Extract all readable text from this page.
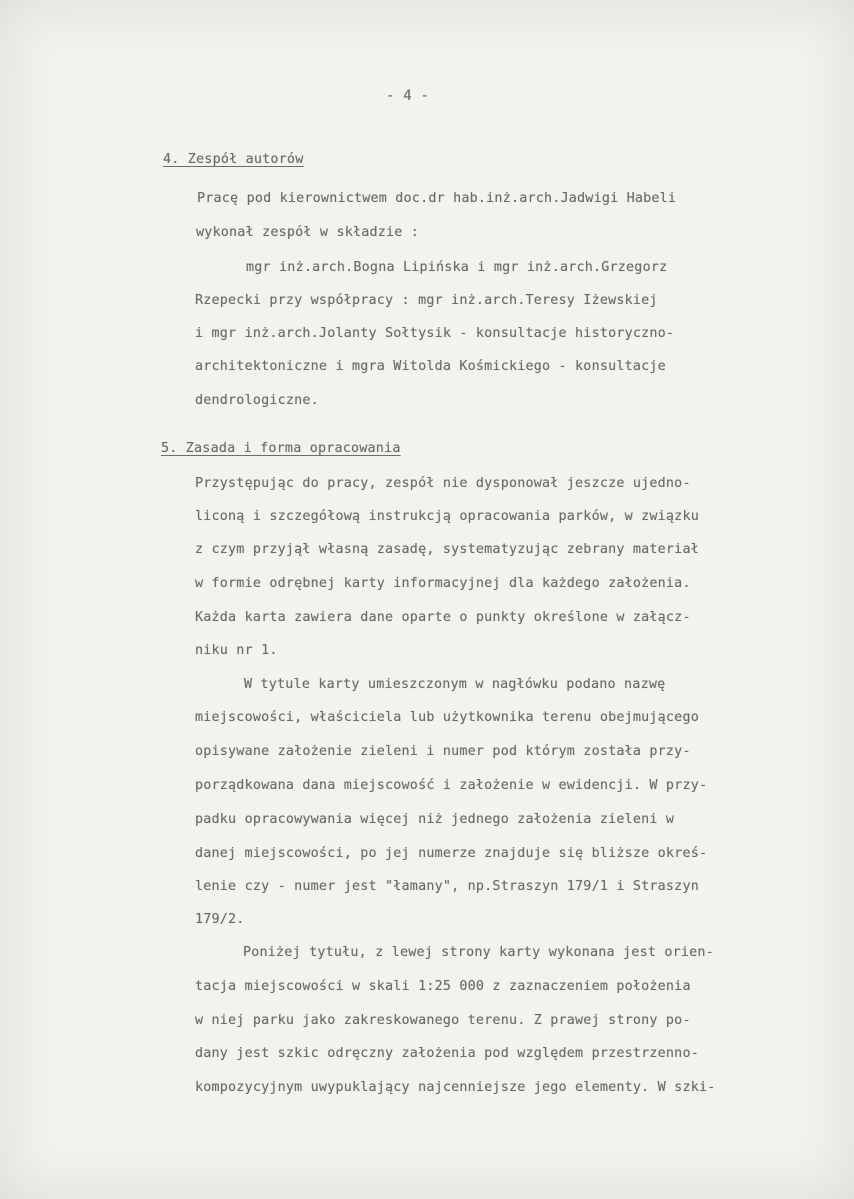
- 4 -
4. Zespół autorów
Pracę pod kierownictwem doc.dr hab.inż.arch.Jadwigi Habeli
wykonał zespół w składzie :
mgr inż.arch.Bogna Lipińska i mgr inż.arch.Grzegorz
Rzepecki przy współpracy : mgr inż.arch.Teresy Iżewskiej
i mgr inż.arch.Jolanty Sołtysik - konsultacje historyczno-
architektoniczne i mgra Witolda Kośmickiego - konsultacje
dendrologiczne.
5. Zasada i forma opracowania
Przystępując do pracy, zespół nie dysponował jeszcze ujedno-
liconą i szczegółową instrukcją opracowania parków, w związku
z czym przyjął własną zasadę, systematyzując zebrany materiał
w formie odrębnej karty informacyjnej dla każdego założenia.
Każda karta zawiera dane oparte o punkty określone w załącz-
niku nr 1.
W tytule karty umieszczonym w nagłówku podano nazwę
miejscowości, właściciela lub użytkownika terenu obejmującego
opisywane założenie zieleni i numer pod którym została przy-
porządkowana dana miejscowość i założenie w ewidencji. W przy-
padku opracowywania więcej niż jednego założenia zieleni w
danej miejscowości, po jej numerze znajduje się bliższe okreś-
lenie czy - numer jest "łamany", np.Straszyn 179/1 i Straszyn
179/2.
Poniżej tytułu, z lewej strony karty wykonana jest orien-
tacja miejscowości w skali 1:25 000 z zaznaczeniem położenia
w niej parku jako zakreskowanego terenu. Z prawej strony po-
dany jest szkic odręczny założenia pod względem przestrzenno-
kompozycyjnym uwypuklający najcenniejsze jego elementy. W szki-
